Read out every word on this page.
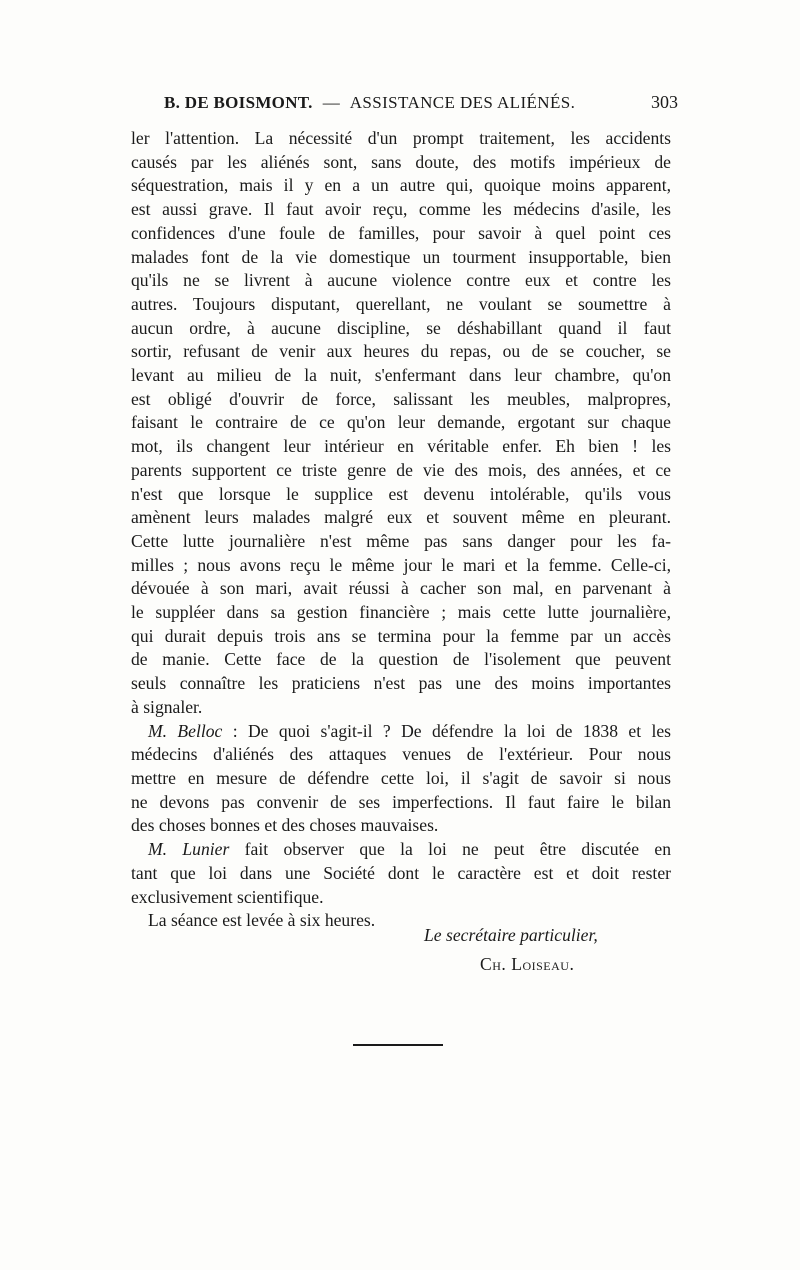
B. DE BOISMONT. — ASSISTANCE DES ALIÉNÉS.	303

ler l'attention. La nécessité d'un prompt traitement, les accidents

causés par les aliénés sont, sans doute, des motifs impérieux de

séquestration, mais il y en a un autre qui, quoique moins apparent,

est aussi grave. Il faut avoir reçu, comme les médecins d'asile, les

confidences d'une foule de familles, pour savoir à quel point ces

malades font de la vie domestique un tourment insupportable, bien

qu'ils ne se livrent à aucune violence contre eux et contre les

autres. Toujours disputant, querellant, ne voulant se soumettre à

aucun ordre, à aucune discipline, se déshabillant quand il faut

sortir, refusant de venir aux heures du repas, ou de se coucher, se

levant au milieu de la nuit, s'enfermant dans leur chambre, qu'on

est obligé d'ouvrir de force, salissant les meubles, malpropres,

faisant le contraire de ce qu'on leur demande, ergotant sur chaque

mot, ils changent leur intérieur en véritable enfer. Eh bien ! les

parents supportent ce triste genre de vie des mois, des années, et ce

n'est que lorsque le supplice est devenu intolérable, qu'ils vous

amènent leurs malades malgré eux et souvent même en pleurant.

Cette lutte journalière n'est même pas sans danger pour les fa-

milles ; nous avons reçu le même jour le mari et la femme. Celle-ci,

dévouée à son mari, avait réussi à cacher son mal, en parvenant à

le suppléer dans sa gestion financière ; mais cette lutte journalière,

qui durait depuis trois ans se termina pour la femme par un accès

de manie. Cette face de la question de l'isolement que peuvent

seuls connaître les praticiens n'est pas une des moins importantes

à signaler.

M. Belloc : De quoi s'agit-il ? De défendre la loi de 1838 et les

médecins d'aliénés des attaques venues de l'extérieur. Pour nous

mettre en mesure de défendre cette loi, il s'agit de savoir si nous

ne devons pas convenir de ses imperfections. Il faut faire le bilan

des choses bonnes et des choses mauvaises.

M. Lunier fait observer que la loi ne peut être discutée en

tant que loi dans une Société dont le caractère est et doit rester

exclusivement scientifique.

La séance est levée à six heures.

Le secrétaire particulier,
Ch. Loiseau.
